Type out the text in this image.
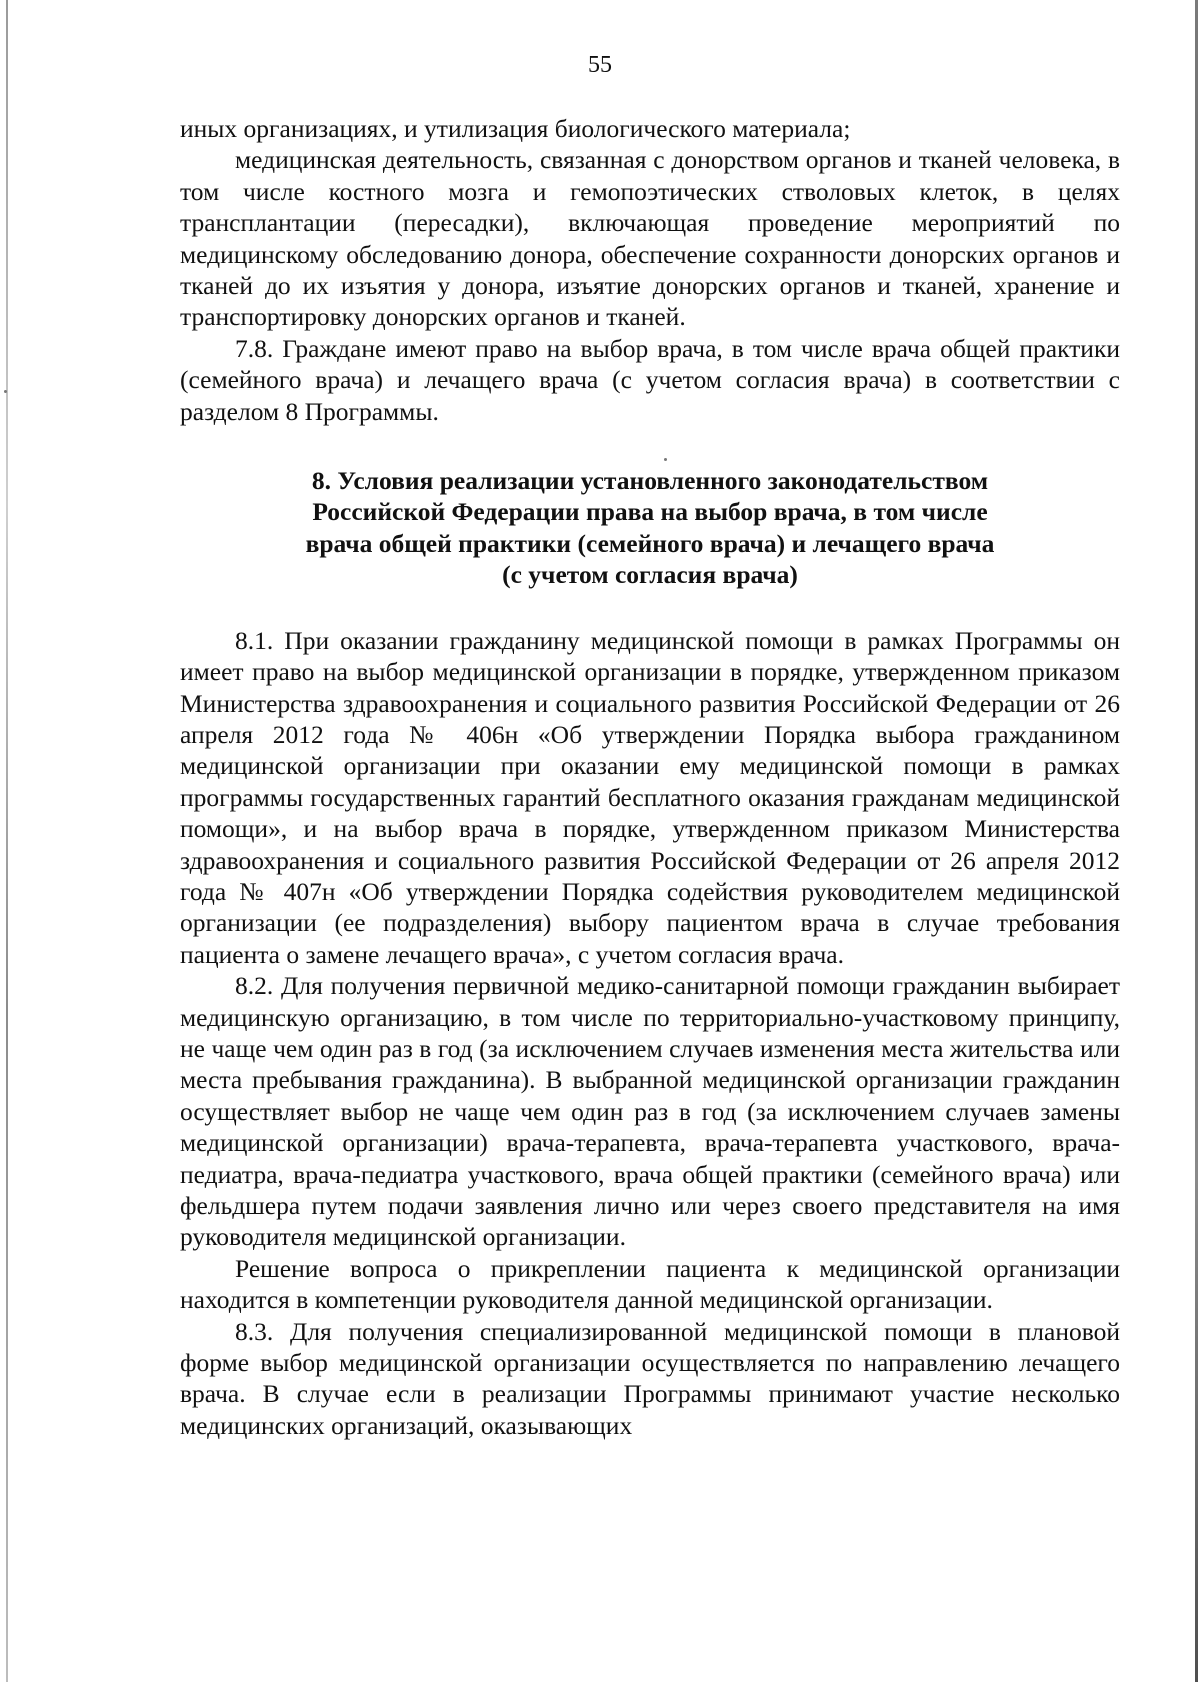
55

иных организациях, и утилизация биологического материала;

медицинская деятельность, связанная с донорством органов и тканей человека, в том числе костного мозга и гемопоэтических стволовых клеток, в целях трансплантации (пересадки), включающая проведение мероприятий по медицинскому обследованию донора, обеспечение сохранности донорских органов и тканей до их изъятия у донора, изъятие донорских органов и тканей, хранение и транспортировку донорских органов и тканей.

7.8. Граждане имеют право на выбор врача, в том числе врача общей практики (семейного врача) и лечащего врача (с учетом согласия врача) в соответствии с разделом 8 Программы.

8. Условия реализации установленного законодательством
Российской Федерации права на выбор врача, в том числе
врача общей практики (семейного врача) и лечащего врача
(с учетом согласия врача)

8.1. При оказании гражданину медицинской помощи в рамках Программы он имеет право на выбор медицинской организации в порядке, утвержденном приказом Министерства здравоохранения и социального развития Российской Федерации от 26 апреля 2012 года № 406н «Об утверждении Порядка выбора гражданином медицинской организации при оказании ему медицинской помощи в рамках программы государственных гарантий бесплатного оказания гражданам медицинской помощи», и на выбор врача в порядке, утвержденном приказом Министерства здравоохранения и социального развития Российской Федерации от 26 апреля 2012 года № 407н «Об утверждении Порядка содействия руководителем медицинской организации (ее подразделения) выбору пациентом врача в случае требования пациента о замене лечащего врача», с учетом согласия врача.

8.2. Для получения первичной медико-санитарной помощи гражданин выбирает медицинскую организацию, в том числе по территориально-участковому принципу, не чаще чем один раз в год (за исключением случаев изменения места жительства или места пребывания гражданина). В выбранной медицинской организации гражданин осуществляет выбор не чаще чем один раз в год (за исключением случаев замены медицинской организации) врача-терапевта, врача-терапевта участкового, врача-педиатра, врача-педиатра участкового, врача общей практики (семейного врача) или фельдшера путем подачи заявления лично или через своего представителя на имя руководителя медицинской организации.

Решение вопроса о прикреплении пациента к медицинской организации находится в компетенции руководителя данной медицинской организации.

8.3. Для получения специализированной медицинской помощи в плановой форме выбор медицинской организации осуществляется по направлению лечащего врача. В случае если в реализации Программы принимают участие несколько медицинских организаций, оказывающих
